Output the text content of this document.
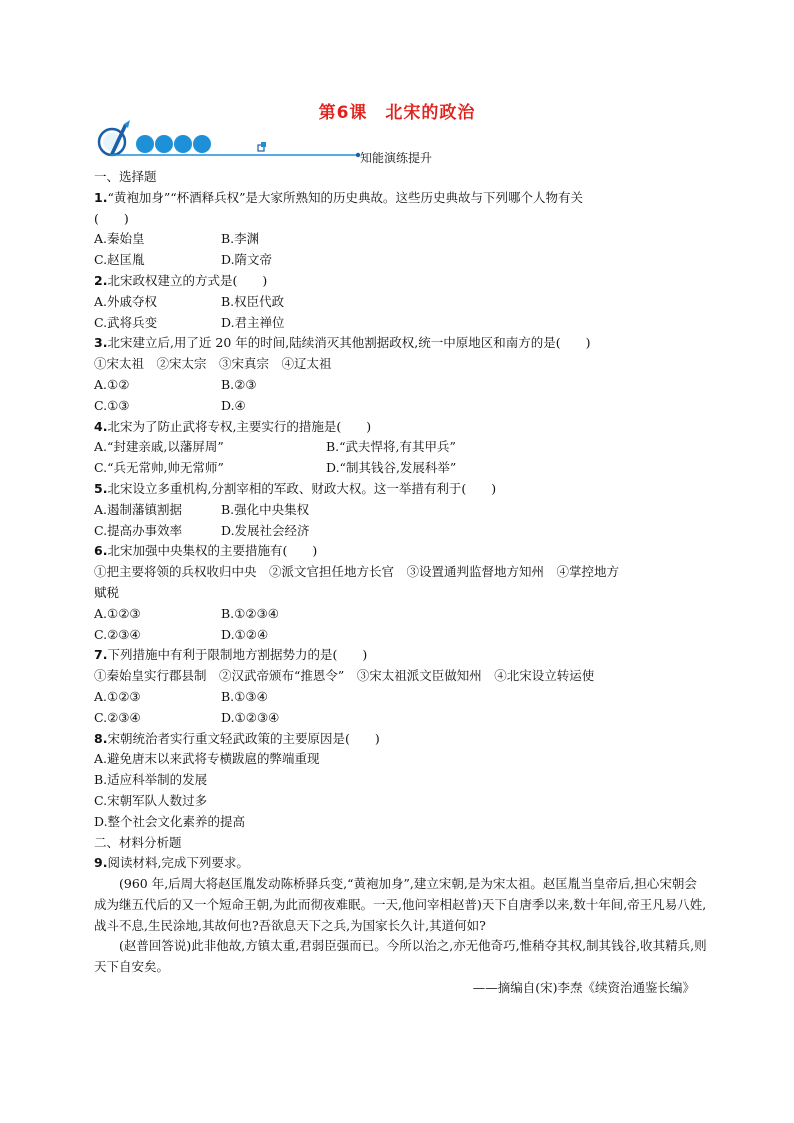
第6课　北宋的政治
知能演练提升
一、选择题
1.“黄袍加身”“杯酒释兵权”是大家所熟知的历史典故。这些历史典故与下列哪个人物有关
(　　)
A.秦始皇	B.李渊
C.赵匡胤	D.隋文帝
2.北宋政权建立的方式是(　　)
A.外戚夺权	B.权臣代政
C.武将兵变	D.君主禅位
3.北宋建立后,用了近 20 年的时间,陆续消灭其他割据政权,统一中原地区和南方的是(　　)
①宋太祖　②宋太宗　③宋真宗　④辽太祖
A.①②	B.②③
C.①③	D.④
4.北宋为了防止武将专权,主要实行的措施是(　　)
A.“封建亲戚,以藩屏周”	B.“武夫悍将,有其甲兵”
C.“兵无常帅,帅无常师”	D.“制其钱谷,发展科举”
5.北宋设立多重机构,分割宰相的军政、财政大权。这一举措有利于(　　)
A.遏制藩镇割据	B.强化中央集权
C.提高办事效率	D.发展社会经济
6.北宋加强中央集权的主要措施有(　　)
①把主要将领的兵权收归中央　②派文官担任地方长官　③设置通判监督地方知州　④掌控地方
赋税
A.①②③	B.①②③④
C.②③④	D.①②④
7.下列措施中有利于限制地方割据势力的是(　　)
①秦始皇实行郡县制　②汉武帝颁布“推恩令”　③宋太祖派文臣做知州　④北宋设立转运使
A.①②③	B.①③④
C.②③④	D.①②③④
8.宋朝统治者实行重文轻武政策的主要原因是(　　)
A.避免唐末以来武将专横跋扈的弊端重现
B.适应科举制的发展
C.宋朝军队人数过多
D.整个社会文化素养的提高
二、材料分析题
9.阅读材料,完成下列要求。
(960 年,后周大将赵匡胤发动陈桥驿兵变,“黄袍加身”,建立宋朝,是为宋太祖。赵匡胤当皇帝后,担心宋朝会成为继五代后的又一个短命王朝,为此而彻夜难眠。一天,他问宰相赵普)天下自唐季以来,数十年间,帝王凡易八姓,战斗不息,生民涂地,其故何也?吾欲息天下之兵,为国家长久计,其道何如?
(赵普回答说)此非他故,方镇太重,君弱臣强而已。今所以治之,亦无他奇巧,惟稍夺其权,制其钱谷,收其精兵,则天下自安矣。
——摘编自(宋)李焘《续资治通鉴长编》
